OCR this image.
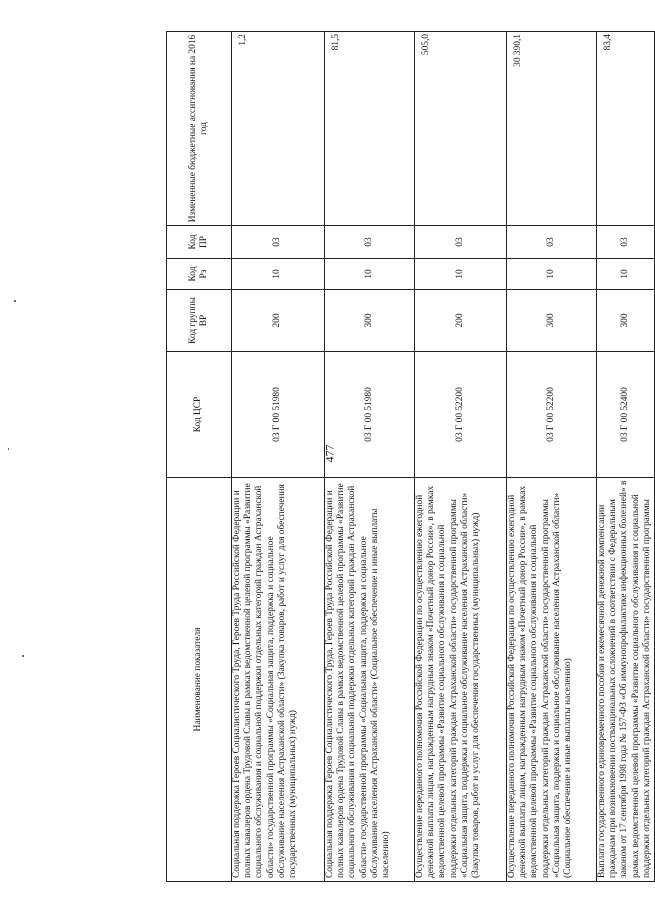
477
Наименование показателя	Код ЦСР	Код группы ВР	Код Рз	Код ПР	Измененные бюджетные ассигнования на 2016 год
Социальная поддержка Героев Социалистического Труда, Героев Труда Российской Федерации и полных кавалеров ордена Трудовой Славы в рамках ведомственной целевой программы «Развитие социального обслуживания и социальной поддержки отдельных категорий граждан Астраханской области» государственной программы «Социальная защита, поддержка и социальное обслуживание населения Астраханской области» (Закупка товаров, работ и услуг для обеспечения государственных (муниципальных) нужд)	03 Г 00 51980	200	10	03	1,2
Социальная поддержка Героев Социалистического Труда, Героев Труда Российской Федерации и полных кавалеров ордена Трудовой Славы в рамках ведомственной целевой программы «Развитие социального обслуживания и социальной поддержки отдельных категорий граждан Астраханской области» государственной программы «Социальная защита, поддержка и социальное обслуживание населения Астраханской области» (Социальное обеспечение и иные выплаты населению)	03 Г 00 51980	300	10	03	81,5
Осуществление переданного полномочия Российской Федерации по осуществлению ежегодной денежной выплаты лицам, награжденным нагрудным знаком «Почетный донор России», в рамках ведомственной целевой программы «Развитие социального обслуживания и социальной поддержки отдельных категорий граждан Астраханской области» государственной программы «Социальная защита, поддержка и социальное обслуживание населения Астраханской области» (Закупка товаров, работ и услуг для обеспечения государственных (муниципальных) нужд)	03 Г 00 52200	200	10	03	505,0
Осуществление переданного полномочия Российской Федерации по осуществлению ежегодной денежной выплаты лицам, награжденным нагрудным знаком «Почетный донор России», в рамках ведомственной целевой программы «Развитие социального обслуживания и социальной поддержки отдельных категорий граждан Астраханской области» государственной программы «Социальная защита, поддержка и социальное обслуживание населения Астраханской области» (Социальное обеспечение и иные выплаты населению)	03 Г 00 52200	300	10	03	30 390,1
Выплата государственного единовременного пособия и ежемесячной денежной компенсации гражданам при возникновении поствакцинальных осложнений в соответствии с Федеральным законом от 17 сентября 1998 года № 157-ФЗ «Об иммунопрофилактике инфекционных болезней» в рамках ведомственной целевой программы «Развитие социального обслуживания и социальной поддержки отдельных категорий граждан Астраханской области» государственной программы	03 Г 00 52400	300	10	03	83,4
